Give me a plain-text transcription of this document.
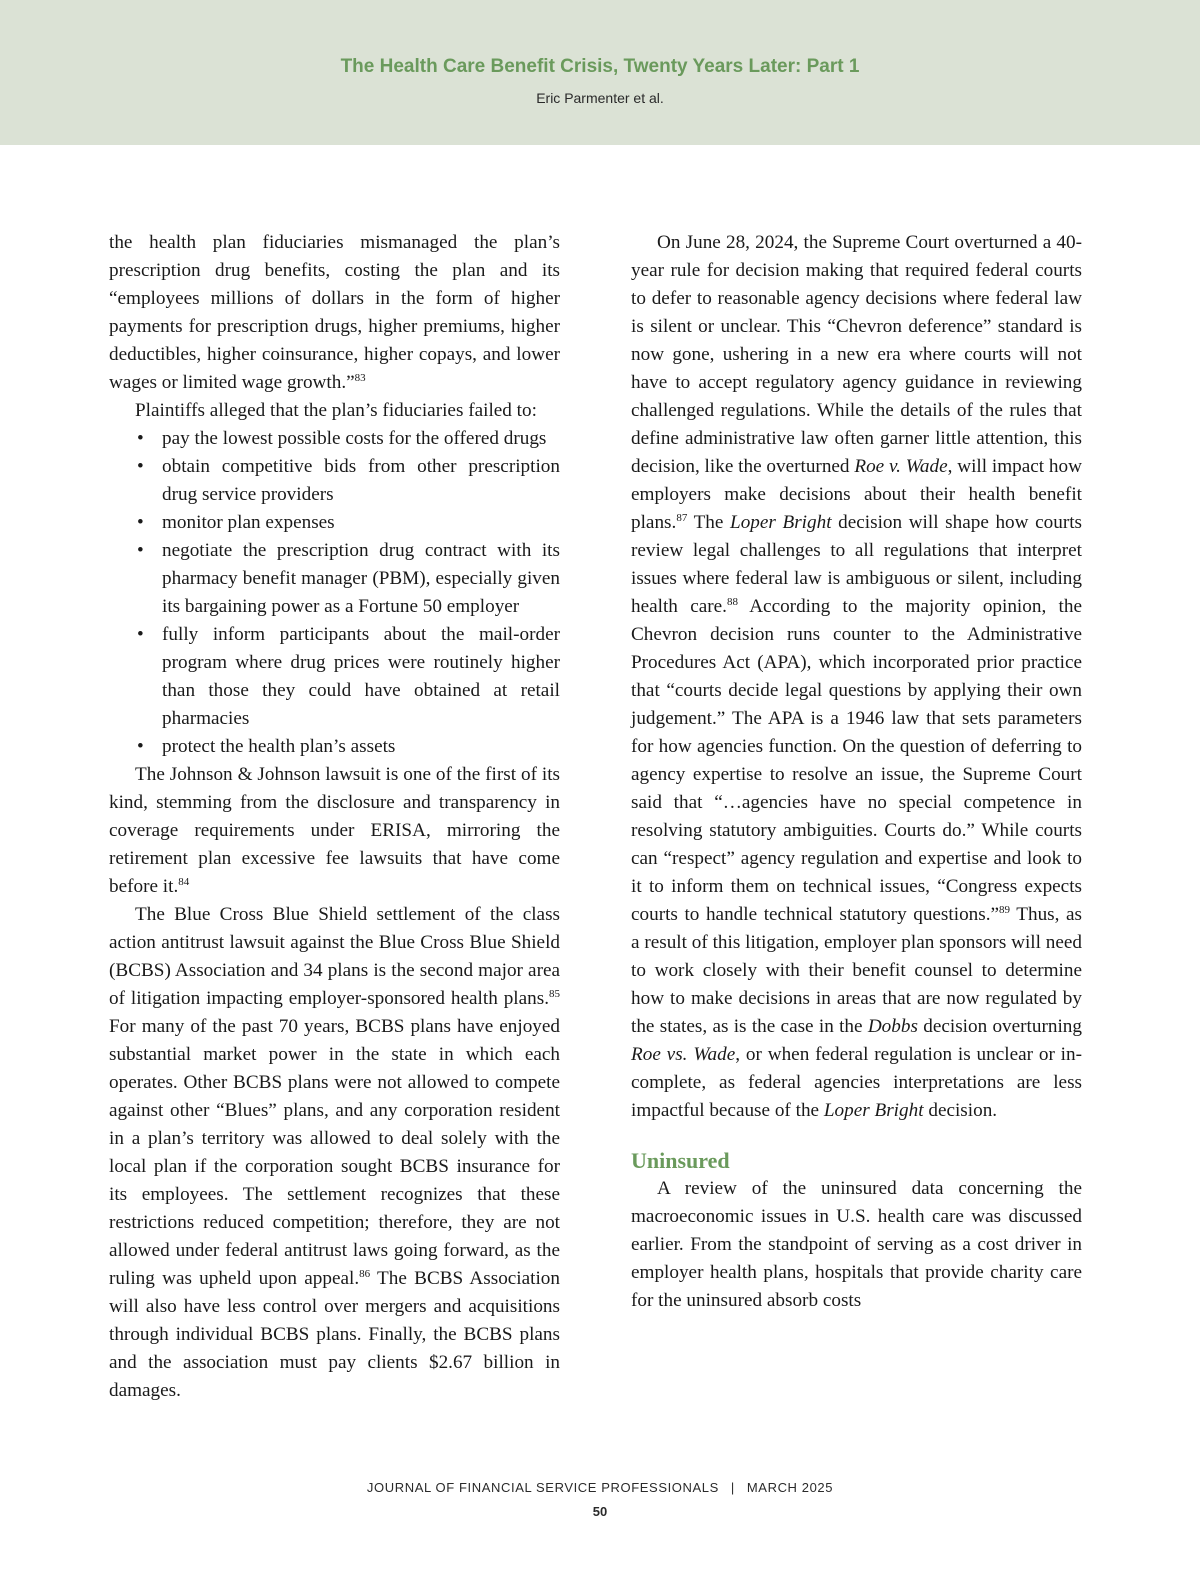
The Health Care Benefit Crisis, Twenty Years Later: Part 1

Eric Parmenter et al.

the health plan fiduciaries mismanaged the plan’s prescription drug benefits, costing the plan and its “employees millions of dollars in the form of higher payments for prescription drugs, higher premiums, higher deductibles, higher coinsurance, higher copays, and lower wages or limited wage growth.”$^{83}$

Plaintiffs alleged that the plan’s fiduciaries failed to:

• pay the lowest possible costs for the offered drugs
• obtain competitive bids from other prescription drug service providers
• monitor plan expenses
• negotiate the prescription drug contract with its pharmacy benefit manager (PBM), especially given its bargaining power as a Fortune 50 employer
• fully inform participants about the mail-order program where drug prices were routinely higher than those they could have obtained at retail pharmacies
• protect the health plan’s assets

The Johnson & Johnson lawsuit is one of the first of its kind, stemming from the disclosure and transparency in coverage requirements under ERISA, mirroring the retirement plan excessive fee lawsuits that have come before it.$^{84}$

The Blue Cross Blue Shield settlement of the class action antitrust lawsuit against the Blue Cross Blue Shield (BCBS) Association and 34 plans is the second major area of litigation impacting employer-sponsored health plans.$^{85}$ For many of the past 70 years, BCBS plans have enjoyed substantial market power in the state in which each operates. Other BCBS plans were not allowed to compete against other “Blues” plans, and any corporation resident in a plan’s territory was allowed to deal solely with the local plan if the corporation sought BCBS insurance for its employees. The settlement recognizes that these restrictions reduced competition; therefore, they are not allowed under federal antitrust laws going forward, as the ruling was upheld upon appeal.$^{86}$ The BCBS Association will also have less control over mergers and acquisitions through individual BCBS plans. Finally, the BCBS plans and the association must pay clients $2.67 billion in damages.

On June 28, 2024, the Supreme Court overturned a 40-year rule for decision making that required federal courts to defer to reasonable agency decisions where federal law is silent or unclear. This “Chevron deference” standard is now gone, ushering in a new era where courts will not have to accept regulatory agency guidance in reviewing challenged regulations. While the details of the rules that define administrative law often garner little attention, this decision, like the overturned Roe v. Wade, will impact how employers make decisions about their health benefit plans.$^{87}$ The Loper Bright decision will shape how courts review legal challenges to all regulations that interpret issues where federal law is ambiguous or silent, including health care.$^{88}$ According to the majority opinion, the Chevron decision runs counter to the Administrative Procedures Act (APA), which incorporated prior practice that “courts decide legal questions by applying their own judgement.” The APA is a 1946 law that sets parameters for how agencies function. On the question of deferring to agency expertise to resolve an issue, the Supreme Court said that “…agencies have no special competence in resolving statutory ambiguities. Courts do.” While courts can “respect” agency regulation and expertise and look to it to inform them on technical issues, “Congress expects courts to handle technical statutory questions.”$^{89}$ Thus, as a result of this litigation, employer plan sponsors will need to work closely with their benefit counsel to determine how to make decisions in areas that are now regulated by the states, as is the case in the Dobbs decision overturning Roe vs. Wade, or when federal regulation is unclear or incomplete, as federal agencies interpretations are less impactful because of the Loper Bright decision.

Uninsured

A review of the uninsured data concerning the macroeconomic issues in U.S. health care was discussed earlier. From the standpoint of serving as a cost driver in employer health plans, hospitals that provide charity care for the uninsured absorb costs

JOURNAL OF FINANCIAL SERVICE PROFESSIONALS | MARCH 2025

50
